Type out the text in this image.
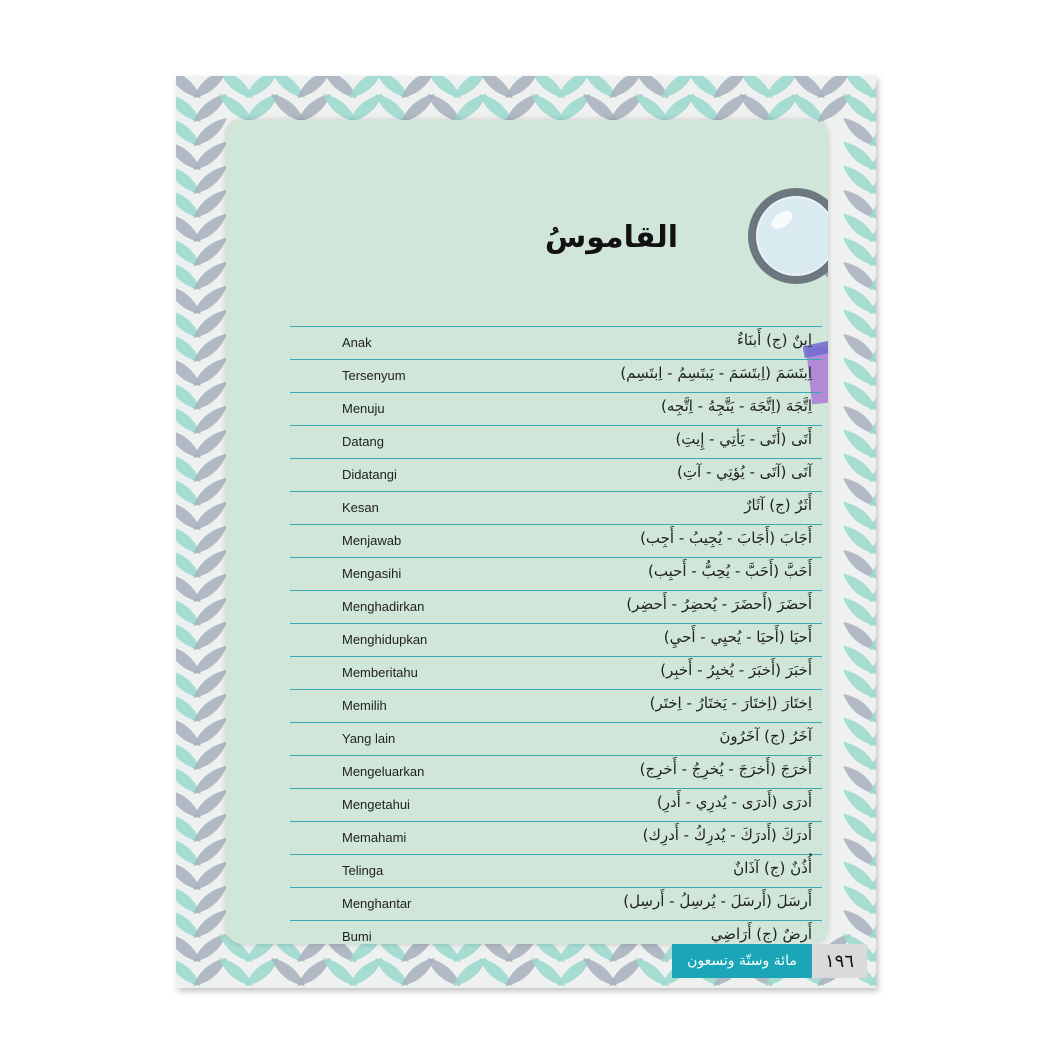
القاموسُ
ا
Anak	اِبنٌ (ج) أَبنَاءٌ
Tersenyum	اِبتَسَمَ (اِبتَسَمَ - يَبتَسِمُ - اِبتَسِم)
Menuju	اِتَّجَهَ (اِتَّجَهَ - يَتَّجِهُ - اِتَّجِه)
Datang	أَتَى (أَتَى - يَأتِي - إِيتِ)
Didatangi	آتَى (آتَى - يُؤتِي - آتِ)
Kesan	أَثَرٌ (ج) آثَارٌ
Menjawab	أَجَابَ (أَجَابَ - يُجِيبُ - أَجِب)
Mengasihi	أَحَبَّ (أَحَبَّ - يُحِبُّ - أَحبِب)
Menghadirkan	أَحضَرَ (أَحضَرَ - يُحضِرُ - أَحضِر)
Menghidupkan	أَحيَا (أَحيَا - يُحيِي - أَحيِ)
Memberitahu	أَخبَرَ (أَخبَرَ - يُخبِرُ - أَخبِر)
Memilih	اِختَارَ (اِختَارَ - يَختَارُ - اِختَر)
Yang lain	آخَرُ (ج) آخَرُونَ
Mengeluarkan	أَخرَجَ (أَخرَجَ - يُخرِجُ - أَخرِج)
Mengetahui	أَدرَى (أَدرَى - يُدرِي - أَدرِ)
Memahami	أَدرَكَ (أَدرَكَ - يُدرِكُ - أَدرِك)
Telinga	أُذُنٌ (ج) آذَانٌ
Menghantar	أَرسَلَ (أَرسَلَ - يُرسِلُ - أَرسِل)
Bumi	أَرضٌ (ج) أَرَاضِي
مائة وستّة وتسعون	١٩٦
